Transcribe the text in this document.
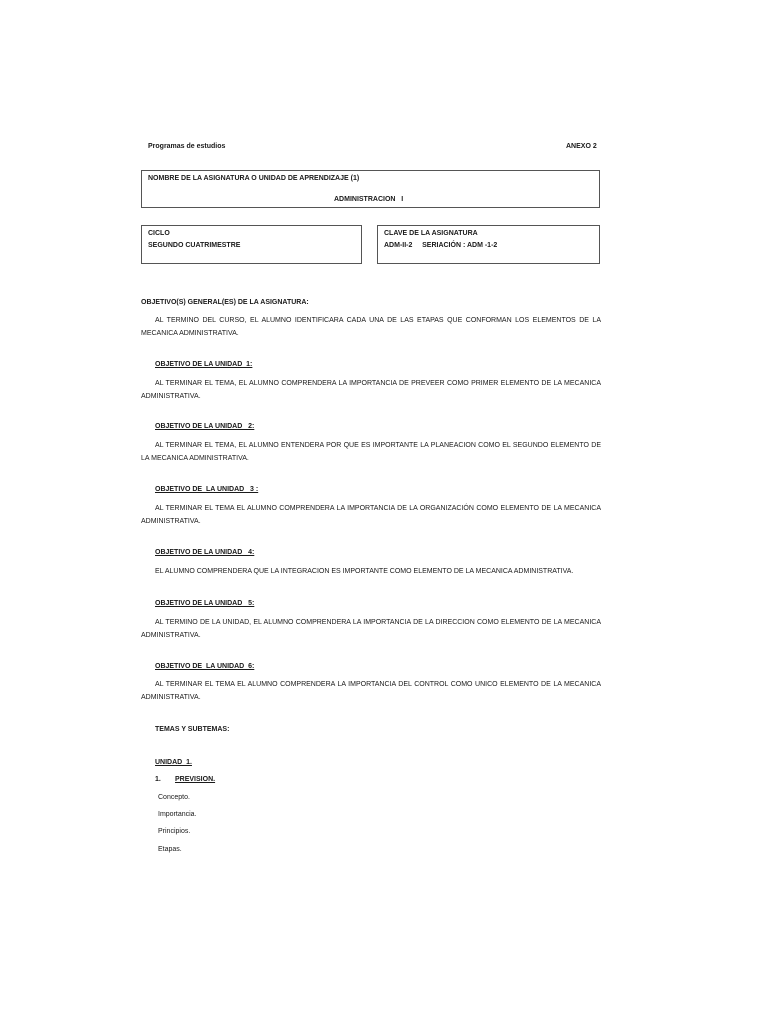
Programas de estudios	ANEXO 2
NOMBRE DE LA ASIGNATURA O UNIDAD DE APRENDIZAJE (1)
ADMINISTRACION   I
CICLO
SEGUNDO CUATRIMESTRE
CLAVE DE LA ASIGNATURA
ADM-II-2     SERIACIÓN : ADM -1-2
OBJETIVO(S) GENERAL(ES) DE LA ASIGNATURA:
AL TERMINO DEL CURSO, EL ALUMNO IDENTIFICARA CADA UNA DE LAS ETAPAS QUE CONFORMAN LOS ELEMENTOS DE LA MECANICA ADMINISTRATIVA.
OBJETIVO DE LA UNIDAD  1:
AL TERMINAR EL TEMA, EL ALUMNO COMPRENDERA LA IMPORTANCIA DE PREVEER COMO PRIMER ELEMENTO DE LA MECANICA ADMINISTRATIVA.
OBJETIVO DE LA UNIDAD   2:
AL TERMINAR EL TEMA, EL ALUMNO ENTENDERA POR QUE ES IMPORTANTE LA PLANEACION COMO EL SEGUNDO ELEMENTO DE LA MECANICA ADMINISTRATIVA.
OBJETIVO DE  LA UNIDAD   3 :
AL TERMINAR EL TEMA EL ALUMNO COMPRENDERA LA IMPORTANCIA DE LA ORGANIZACIÓN COMO ELEMENTO DE LA MECANICA ADMINISTRATIVA.
OBJETIVO DE LA UNIDAD   4:
EL ALUMNO COMPRENDERA QUE LA INTEGRACION ES IMPORTANTE COMO ELEMENTO DE LA MECANICA ADMINISTRATIVA.
OBJETIVO DE LA UNIDAD   5:
AL TERMINO DE LA UNIDAD, EL ALUMNO COMPRENDERA LA IMPORTANCIA DE LA DIRECCION COMO ELEMENTO DE LA MECANICA ADMINISTRATIVA.
OBJETIVO DE  LA UNIDAD  6:
AL TERMINAR EL TEMA EL ALUMNO COMPRENDERA LA IMPORTANCIA DEL CONTROL COMO UNICO ELEMENTO DE LA MECANICA ADMINISTRATIVA.
TEMAS Y SUBTEMAS:
UNIDAD  1.
1. PREVISION.
Concepto.
Importancia.
Principios.
Etapas.
